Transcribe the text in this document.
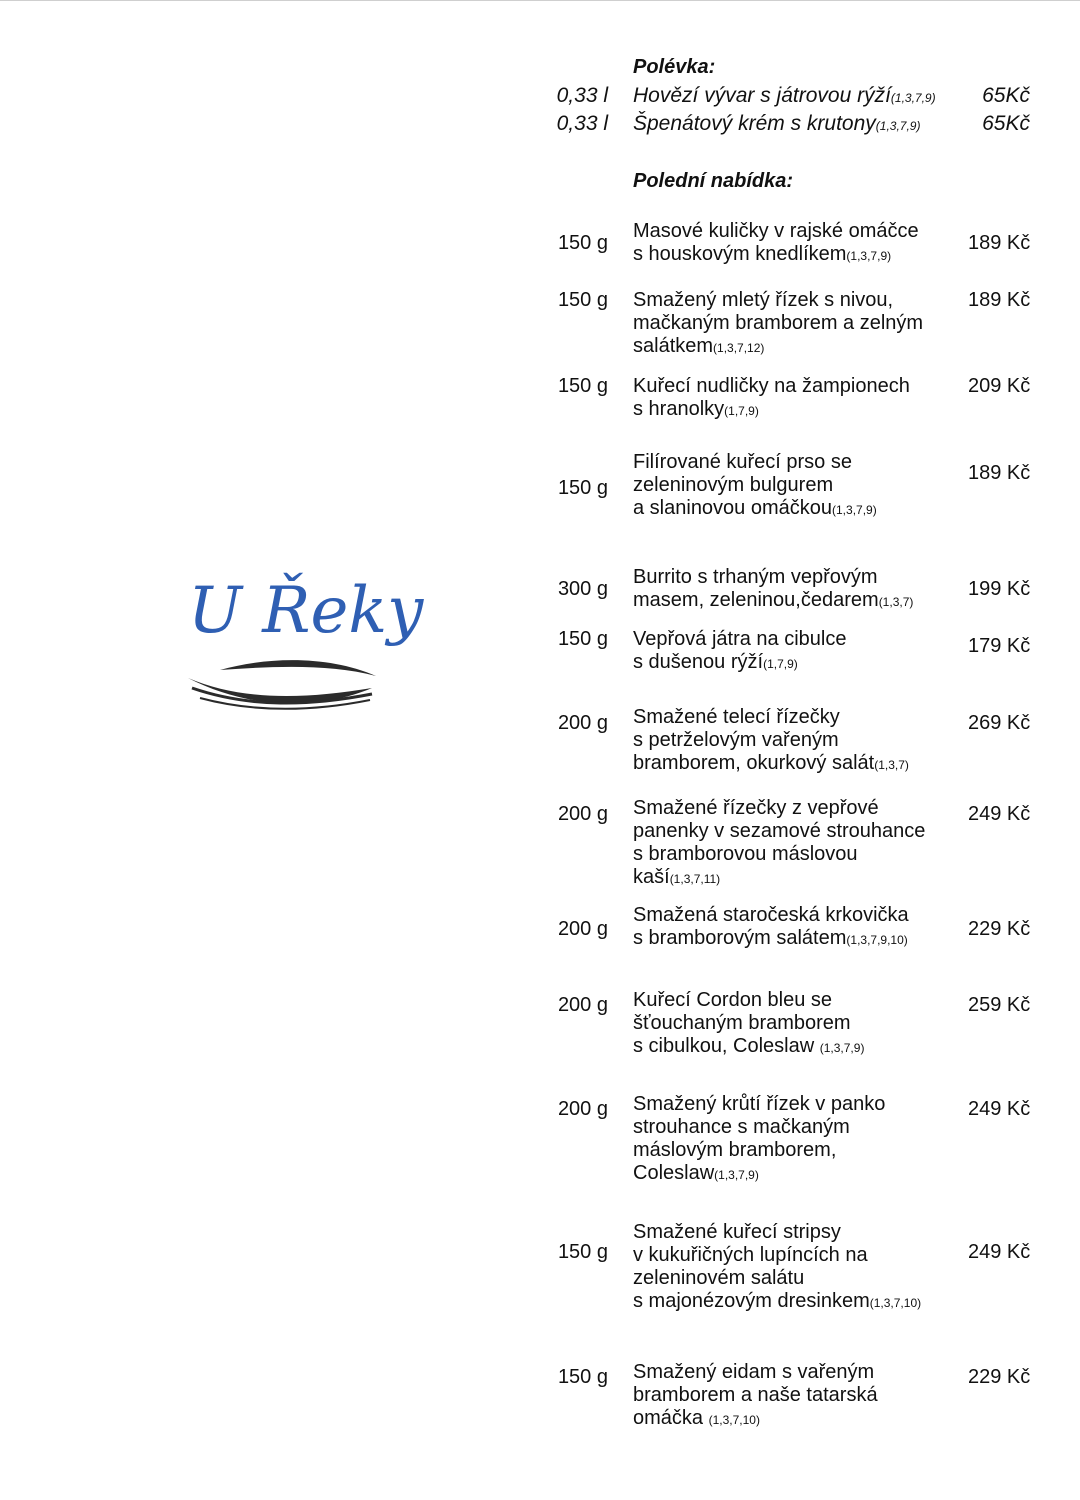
U Řeky
Polévka:
Polední nabídka:
0,33 l Hovězí vývar s játrovou rýží(1,3,7,9) 65Kč
0,33 l Špenátový krém s krutony(1,3,7,9)	65Kč
150 g
Masové kuličky v rajské omáčce
s houskovým knedlíkem(1,3,7,9)
189 Kč
150 g Smažený mletý řízek s nivou,
mačkaným bramborem a zelným
salátkem(1,3,7,12)
189 Kč
150 g Kuřecí nudličky na žampionech
s hranolky(1,7,9)
209 Kč
150 g
Filírované kuřecí prso se
zeleninovým bulgurem
a slaninovou omáčkou(1,3,7,9)
189 Kč
300 g
Burrito s trhaným vepřovým
masem, zeleninou,čedarem(1,3,7)
199 Kč
150 g Vepřová játra na cibulce
s dušenou rýží(1,7,9)
179 Kč
200 g Smažené telecí řízečky
s petrželovým vařeným
bramborem, okurkový salát(1,3,7)
269 Kč
200 g Smažené řízečky z vepřové
panenky v sezamové strouhance
s bramborovou máslovou
kaší(1,3,7,11)
249 Kč
200 g
Smažená staročeská krkovička
s bramborovým salátem(1,3,7,9,10)	229 Kč
200 g Kuřecí Cordon bleu se
šťouchaným bramborem
s cibulkou, Coleslaw (1,3,7,9)
259 Kč
200 g Smažený krůtí řízek v panko
strouhance s mačkaným
máslovým bramborem,
Coleslaw(1,3,7,9)
249 Kč
150 g
Smažené kuřecí stripsy
v kukuřičných lupíncích na
zeleninovém salátu
s majonézovým dresinkem(1,3,7,10)
249 Kč
150 g Smažený eidam s vařeným
bramborem a naše tatarská
omáčka (1,3,7,10)
229 Kč
